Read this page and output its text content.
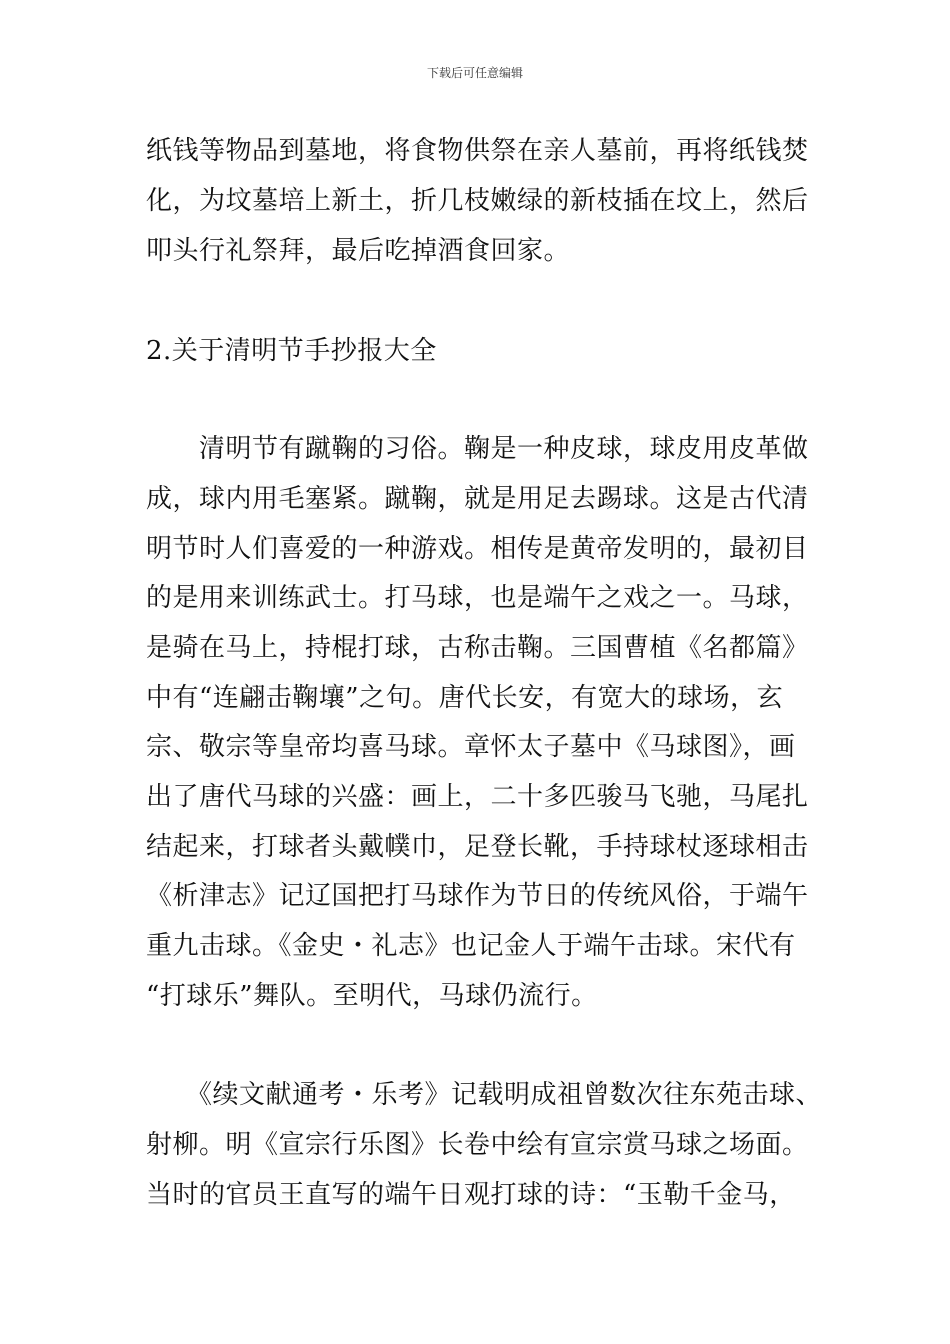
下载后可任意编辑
纸钱等物品到墓地，将食物供祭在亲人墓前，再将纸钱焚
化，为坟墓培上新土，折几枝嫩绿的新枝插在坟上，然后
叩头行礼祭拜，最后吃掉酒食回家。
2.关于清明节手抄报大全
　　清明节有蹴鞠的习俗。鞠是一种皮球，球皮用皮革做
成，球内用毛塞紧。蹴鞠，就是用足去踢球。这是古代清
明节时人们喜爱的一种游戏。相传是黄帝发明的，最初目
的是用来训练武士。打马球，也是端午之戏之一。马球，
是骑在马上，持棍打球，古称击鞠。三国曹植《名都篇》
中有“连翩击鞠壤”之句。唐代长安，有宽大的球场，玄
宗、敬宗等皇帝均喜马球。章怀太子墓中《马球图》，画
出了唐代马球的兴盛：画上，二十多匹骏马飞驰，马尾扎
结起来，打球者头戴幞巾，足登长靴，手持球杖逐球相击
《析津志》记辽国把打马球作为节日的传统风俗，于端午
重九击球。《金史・礼志》也记金人于端午击球。宋代有
“打球乐”舞队。至明代，马球仍流行。
　　《续文献通考・乐考》记载明成祖曾数次往东苑击球、
射柳。明《宣宗行乐图》长卷中绘有宣宗赏马球之场面。
当时的官员王直写的端午日观打球的诗：“玉勒千金马，
